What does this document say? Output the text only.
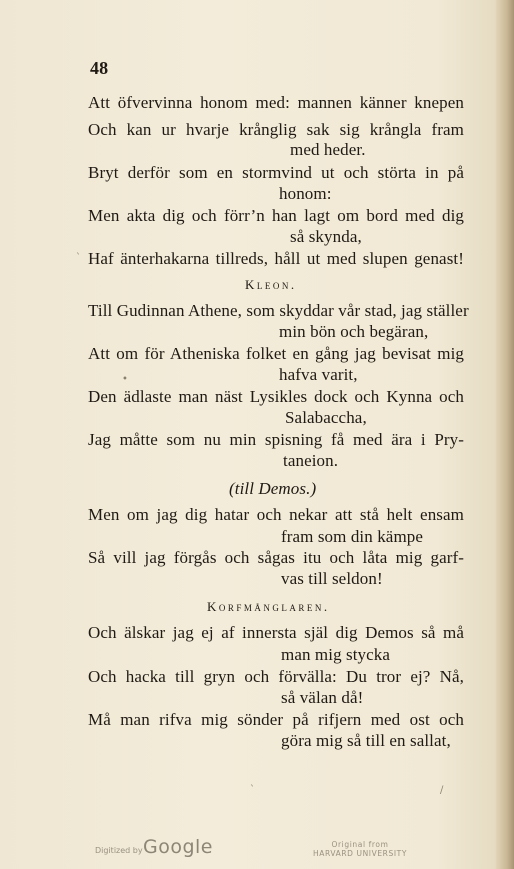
48
Att öfvervinna honom med: mannen känner knepen
Och kan ur hvarje krånglig sak sig krångla fram
med heder.
Bryt derför som en stormvind ut och störta in på
honom:
Men akta dig och förr’n han lagt om bord med dig
så skynda,
Haf änterhakarna tillreds, håll ut med slupen genast!
Kleon.
Till Gudinnan Athene, som skyddar vår stad, jag ställer
min bön och begäran,
Att om för Atheniska folket en gång jag bevisat mig
hafva varit,
Den ädlaste man näst Lysikles dock och Kynna och
Salabaccha,
Jag måtte som nu min spisning få med ära i Pry-
taneion.
(till Demos.)
Men om jag dig hatar och nekar att stå helt ensam
fram som din kämpe
Så vill jag förgås och sågas itu och låta mig garf-
vas till seldon!
Korfmånglaren.
Och älskar jag ej af innersta själ dig Demos så må
man mig stycka
Och hacka till gryn och förvälla: Du tror ej? Nå,
så välan då!
Må man rifva mig sönder på rifjern med ost och
göra mig så till en sallat,
ˋ
•
ˋ	/
Digitized by Google	Original from
HARVARD UNIVERSITY
